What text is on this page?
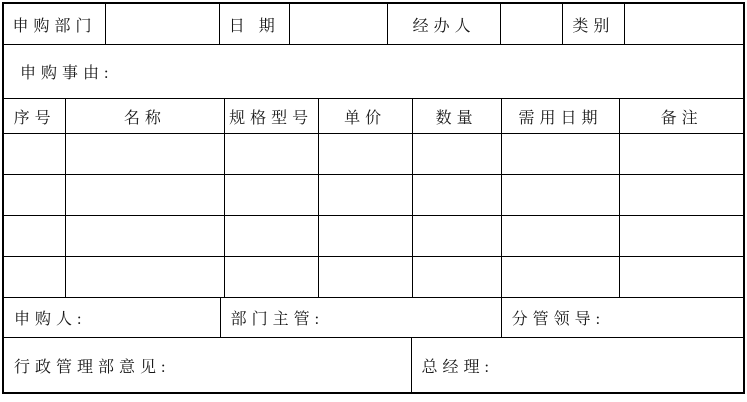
申购部门	日 期	经办人	类别
申购事由:
序号	名称	规格型号	单价	数量	需用日期	备注
申购人:	部门主管:	分管领导:
行政管理部意见:	总经理:
